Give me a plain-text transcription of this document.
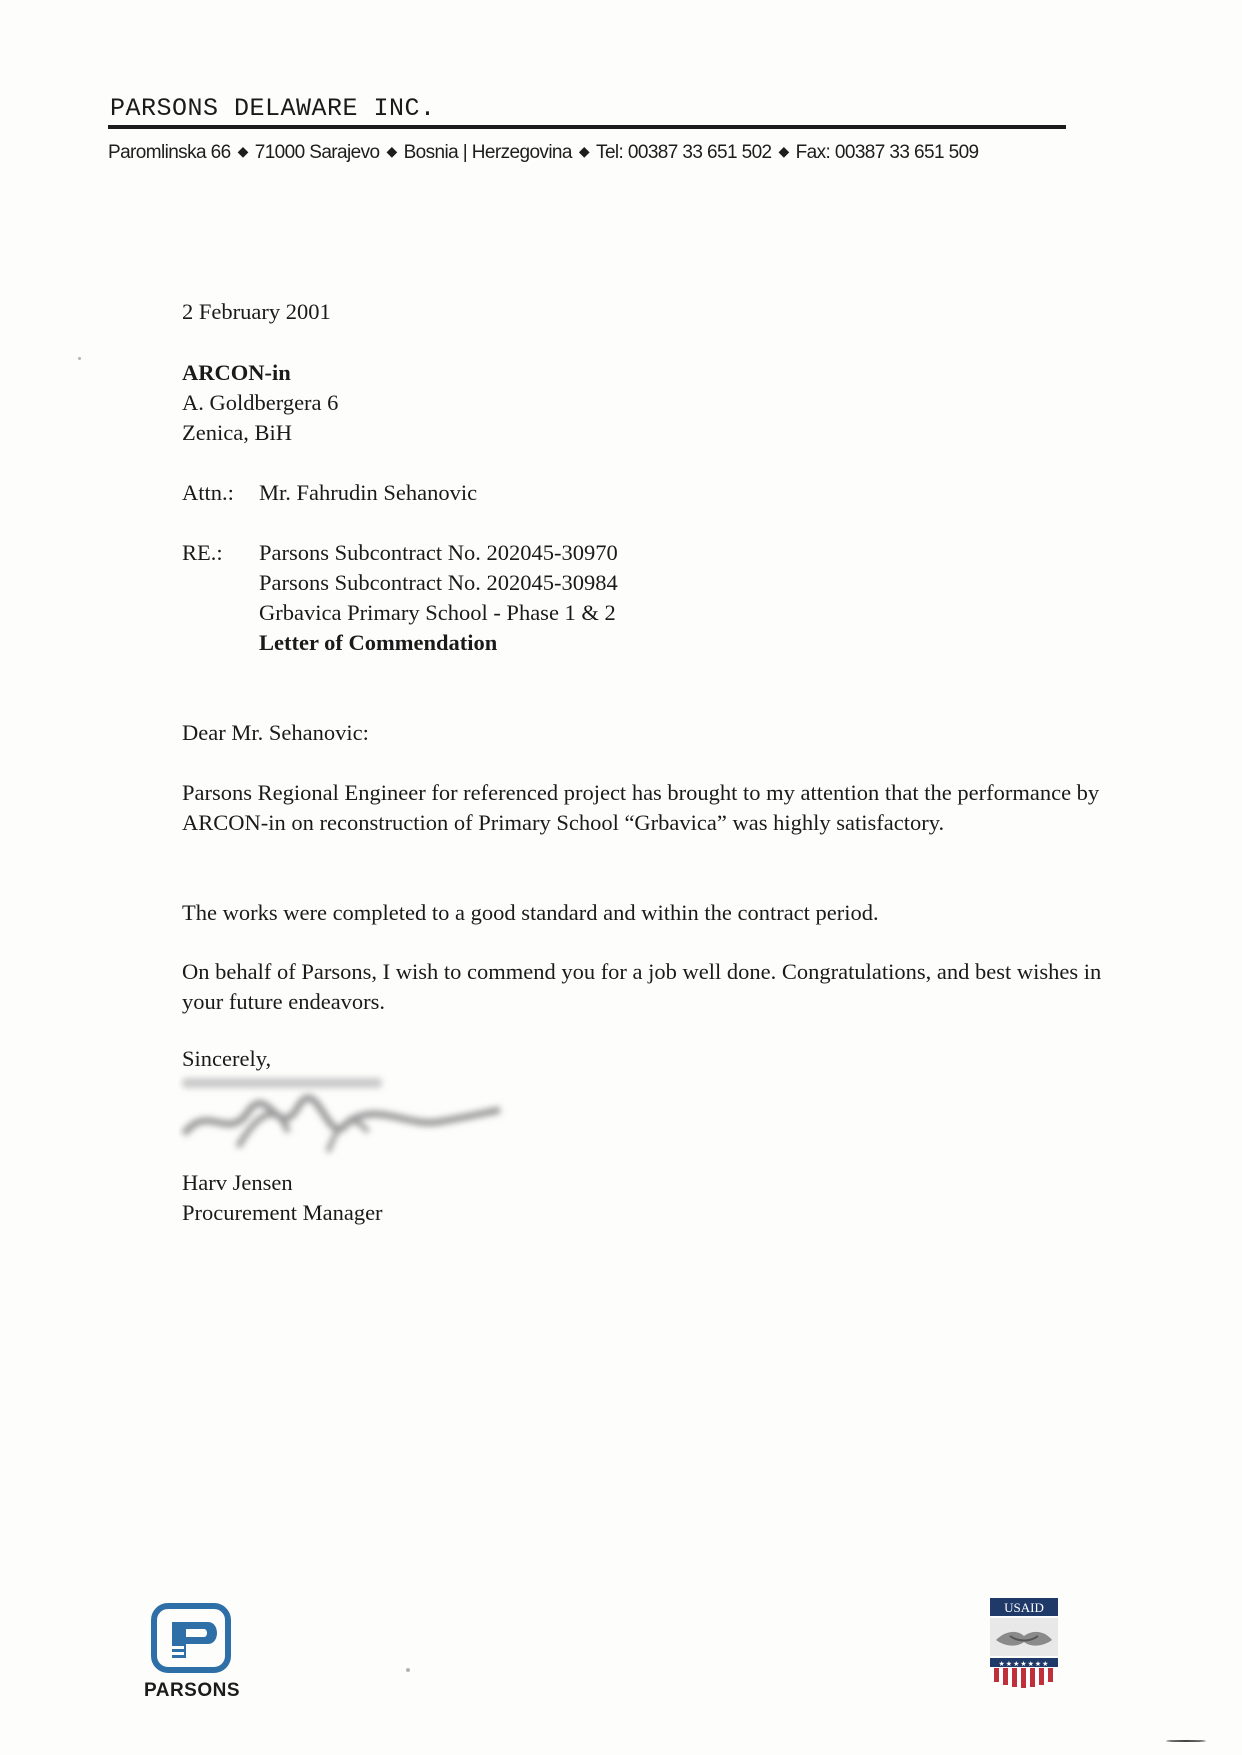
PARSONS DELAWARE INC.
Paromlinska 66 ◆ 71000 Sarajevo ◆ Bosnia | Herzegovina ◆ Tel: 00387 33 651 502 ◆ Fax: 00387 33 651 509
2 February 2001
ARCON-in
A. Goldbergera 6
Zenica, BiH
Attn.: Mr. Fahrudin Sehanovic
RE.: Parsons Subcontract No. 202045-30970
Parsons Subcontract No. 202045-30984
Grbavica Primary School - Phase 1 & 2
Letter of Commendation
Dear Mr. Sehanovic:
Parsons Regional Engineer for referenced project has brought to my attention that the performance by ARCON-in on reconstruction of Primary School “Grbavica” was highly satisfactory.
The works were completed to a good standard and within the contract period.
On behalf of Parsons, I wish to commend you for a job well done. Congratulations, and best wishes in your future endeavors.
Sincerely,
Harv Jensen
Procurement Manager
PARSONS
USAID
★★★★★★★
